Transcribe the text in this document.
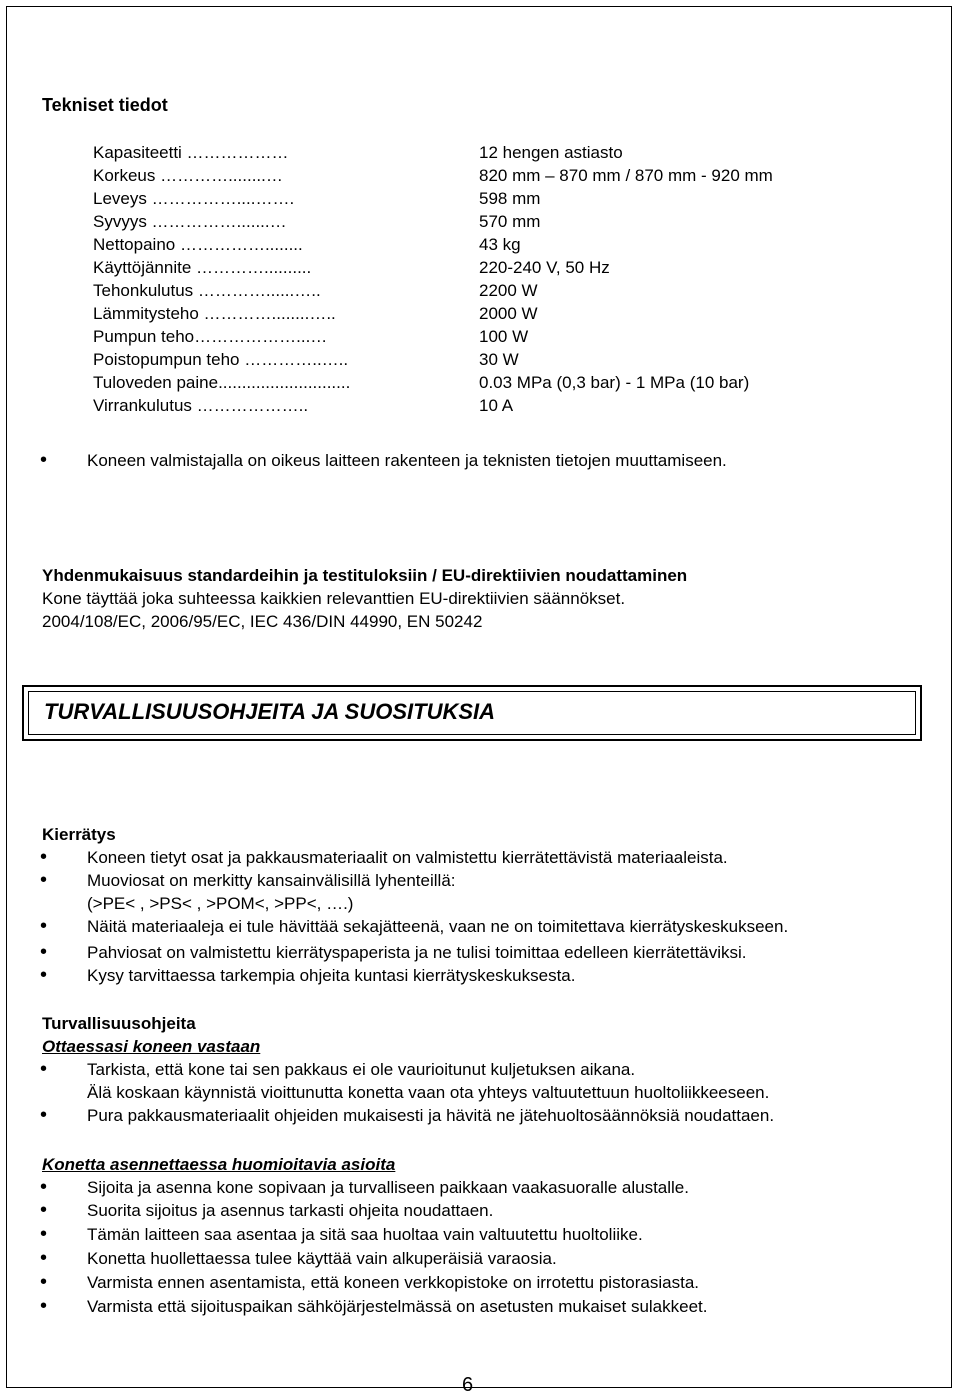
Tekniset tiedot
Kapasiteetti ………………	12 hengen astiasto
Korkeus …………........…	820 mm – 870 mm / 870 mm - 920 mm
Leveys ……………....…….	598 mm
Syvyys …………….......…	570 mm
Nettopaino ……………........	43 kg
Käyttöjännite …………..........	220-240 V, 50 Hz
Tehonkulutus …………......…..	2200 W
Lämmitysteho …………........…..	2000 W
Pumpun teho………………...…	100 W
Poistopumpun teho …………..…..	30 W
Tuloveden paine............................	0.03 MPa (0,3 bar) - 1 MPa (10 bar)
Virrankulutus ………………..	10 A
•	Koneen valmistajalla on oikeus laitteen rakenteen ja teknisten tietojen muuttamiseen.
Yhdenmukaisuus standardeihin ja testituloksiin / EU-direktiivien noudattaminen
Kone täyttää joka suhteessa kaikkien relevanttien EU-direktiivien säännökset.
2004/108/EC, 2006/95/EC, IEC 436/DIN 44990, EN 50242
TURVALLISUUSOHJEITA JA SUOSITUKSIA
Kierrätys
•	Koneen tietyt osat ja pakkausmateriaalit on valmistettu kierrätettävistä materiaaleista.
•	Muoviosat on merkitty kansainvälisillä lyhenteillä:
(>PE< , >PS< , >POM<, >PP<, ….)
•	Näitä materiaaleja ei tule hävittää sekajätteenä, vaan ne on toimitettava kierrätyskeskukseen.
•	Pahviosat on valmistettu kierrätyspaperista ja ne tulisi toimittaa edelleen kierrätettäviksi.
•	Kysy tarvittaessa tarkempia ohjeita kuntasi kierrätyskeskuksesta.
Turvallisuusohjeita
Ottaessasi koneen vastaan
•	Tarkista, että kone tai sen pakkaus ei ole vaurioitunut kuljetuksen aikana.
Älä koskaan käynnistä vioittunutta konetta vaan ota yhteys valtuutettuun huoltoliikkeeseen.
•	Pura pakkausmateriaalit ohjeiden mukaisesti ja hävitä ne jätehuoltosäännöksiä noudattaen.
Konetta asennettaessa huomioitavia asioita
•	Sijoita ja asenna kone sopivaan ja turvalliseen paikkaan vaakasuoralle alustalle.
•	Suorita sijoitus ja asennus tarkasti ohjeita noudattaen.
•	Tämän laitteen saa asentaa ja sitä saa huoltaa vain valtuutettu huoltoliike.
•	Konetta huollettaessa tulee käyttää vain alkuperäisiä varaosia.
•	Varmista ennen asentamista, että koneen verkkopistoke on irrotettu pistorasiasta.
•	Varmista että sijoituspaikan sähköjärjestelmässä on asetusten mukaiset sulakkeet.
6
